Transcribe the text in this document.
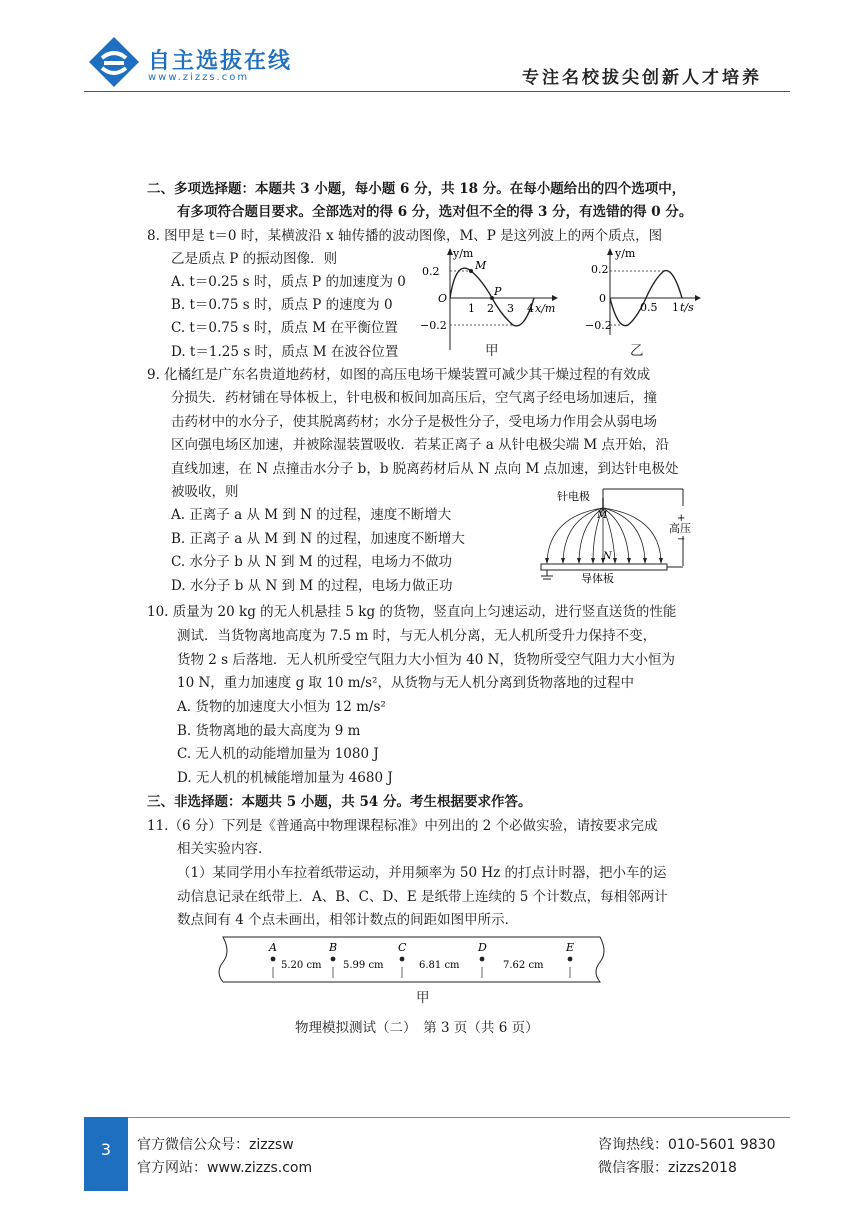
自主选拔在线
www.zizzs.com	专注名校拔尖创新人才培养
二、多项选择题：本题共 3 小题，每小题 6 分，共 18 分。在每小题给出的四个选项中，
有多项符合题目要求。全部选对的得 6 分，选对但不全的得 3 分，有选错的得 0 分。
8. 图甲是 t＝0 时，某横波沿 x 轴传播的波动图像，M、P 是这列波上的两个质点，图
乙是质点 P 的振动图像．则
A. t＝0.25 s 时，质点 P 的加速度为 0
B. t＝0.75 s 时，质点 P 的速度为 0
C. t＝0.75 s 时，质点 M 在平衡位置
D. t＝1.25 s 时，质点 M 在波谷位置
y/m
0.2
−0.2
O
M
P
1 2 3 4 x/m
甲
y/m
0.2
−0.2
0
0.5 1 t/s
乙
9. 化橘红是广东名贵道地药材，如图的高压电场干燥装置可减少其干燥过程的有效成
分损失．药材铺在导体板上，针电极和板间加高压后，空气离子经电场加速后，撞
击药材中的水分子，使其脱离药材；水分子是极性分子，受电场力作用会从弱电场
区向强电场区加速，并被除湿装置吸收．若某正离子 a 从针电极尖端 M 点开始，沿
直线加速，在 N 点撞击水分子 b，b 脱离药材后从 N 点向 M 点加速，到达针电极处
被吸收，则
A. 正离子 a 从 M 到 N 的过程，速度不断增大
B. 正离子 a 从 M 到 N 的过程，加速度不断增大
C. 水分子 b 从 N 到 M 的过程，电场力不做功
D. 水分子 b 从 N 到 M 的过程，电场力做正功
针电极
+
高压
−
M
N
导体板
10. 质量为 20 kg 的无人机悬挂 5 kg 的货物，竖直向上匀速运动，进行竖直送货的性能
测试．当货物离地高度为 7.5 m 时，与无人机分离，无人机所受升力保持不变，
货物 2 s 后落地．无人机所受空气阻力大小恒为 40 N，货物所受空气阻力大小恒为
10 N，重力加速度 g 取 10 m/s²，从货物与无人机分离到货物落地的过程中
A. 货物的加速度大小恒为 12 m/s²
B. 货物离地的最大高度为 9 m
C. 无人机的动能增加量为 1080 J
D. 无人机的机械能增加量为 4680 J
三、非选择题：本题共 5 小题，共 54 分。考生根据要求作答。
11.（6 分）下列是《普通高中物理课程标准》中列出的 2 个必做实验，请按要求完成
相关实验内容．
（1）某同学用小车拉着纸带运动，并用频率为 50 Hz 的打点计时器，把小车的运
动信息记录在纸带上．A、B、C、D、E 是纸带上连续的 5 个计数点，每相邻两计
数点间有 4 个点未画出，相邻计数点的间距如图甲所示．
A	B	C	D	E
5.20 cm 5.99 cm	6.81 cm	7.62 cm
甲
物理模拟测试（二）　第 3 页（共 6 页）
3	官方微信公众号：zizzsw
官方网站：www.zizzs.com
咨询热线：010-5601 9830
微信客服：zizzs2018
